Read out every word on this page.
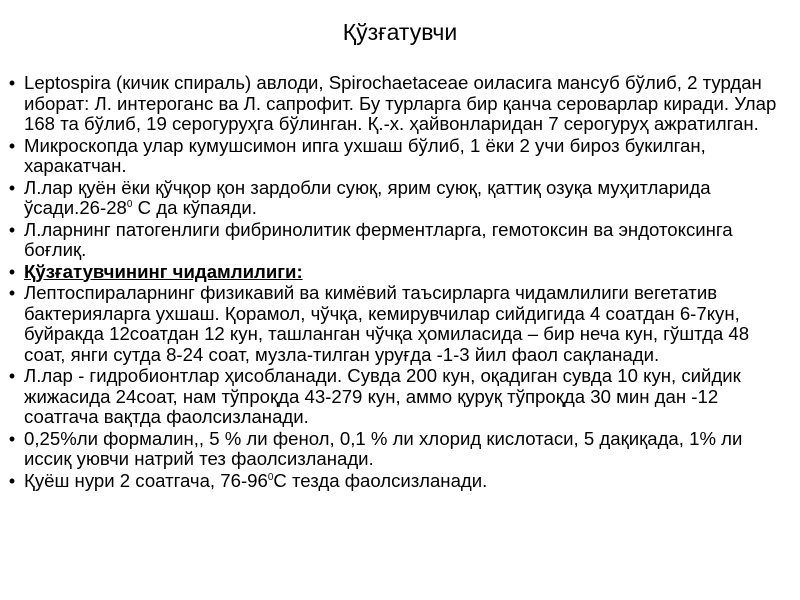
Қўзғатувчи
• Leptospira (кичик спираль) авлоди, Spirochaetaceae оиласига мансуб бўлиб, 2 турдан иборат: Л. интероганс ва Л. сапрофит. Бу турларга бир қанча сероварлар киради. Улар 168 та бўлиб, 19 серогуруҳга бўлинган. Қ.-х. ҳайвонларидан 7 серогуруҳ ажратилган.
• Микроскопда улар кумушсимон ипга ухшаш бўлиб, 1 ёки 2 учи бироз букилган, харакатчан.
• Л.лар қуён ёки қўчқор қон зардобли суюқ, ярим суюқ, қаттиқ озуқа муҳитларида $ўсади.26-28^0$ С да кўпаяди.
• Л.ларнинг патогенлиги фибринолитик ферментларга, гемотоксин ва эндотоксинга боғлиқ.
• Қўзғатувчининг чидамлилиги:
• Лептоспираларнинг физикавий ва кимёвий таъсирларга чидамлилиги вегетатив бактерияларга ухшаш. Қорамол, чўчқа, кемирувчилар сийдигида 4 соатдан 6-7кун, буйракда 12соатдан 12 кун, ташланган чўчқа ҳомиласида – бир неча кун, гўштда 48 соат, янги сутда 8-24 соат, музла-тилган уруғда -1-3 йил фаол сақланади.
• Л.лар - гидробионтлар ҳисобланади. Сувда 200 кун, оқадиган сувда 10 кун, сийдик жижасида 24соат, нам тўпроқда 43-279 кун, аммо қуруқ тўпроқда 30 мин дан -12 соатгача вақтда фаолсизланади.
• 0,25%ли формалин,, 5 % ли фенол, 0,1 % ли хлорид кислотаси, 5 дақиқада, 1% ли иссиқ уювчи натрий тез фаолсизланади.
• Қуёш нури 2 соатгача, $76-96^0С$ тезда фаолсизланади.
